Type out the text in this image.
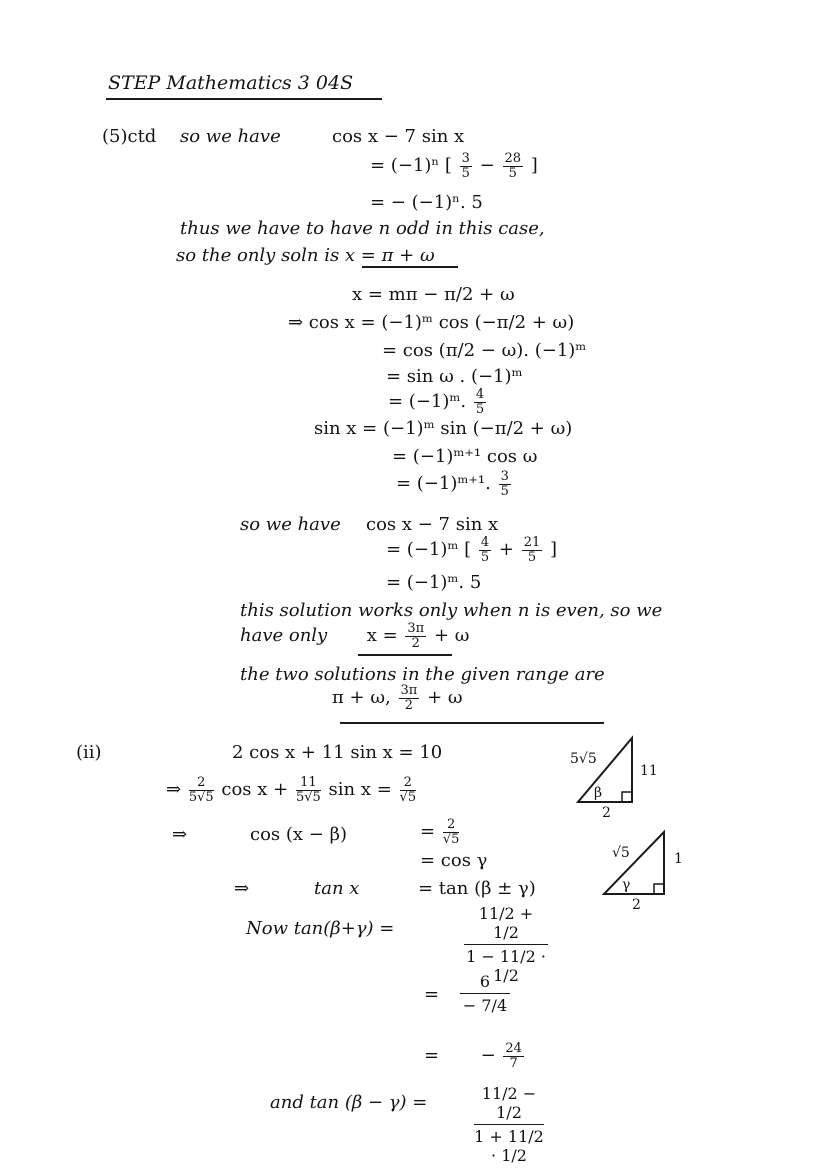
STEP Mathematics 3 04S
(5)ctd so we have	cos x − 7 sin x
= (−1)ⁿ [ $\frac{3}{5} - \frac{28}{5}$ ]
= − (−1)ⁿ. 5
thus we have to have n odd in this case,
so the only soln is x = π + ω
x = mπ − π/2 + ω
⇒ cos x = (−1)ᵐ cos (−π/2 + ω)
= cos (π/2 − ω). (−1)ᵐ
= sin ω . (−1)ᵐ
= (−1)ᵐ. $\frac{4}{5}$
sin x = (−1)ᵐ sin (−π/2 + ω)
= (−1)ᵐ⁺¹ cos ω
= (−1)ᵐ⁺¹. $\frac{3}{5}$
so we have cos x − 7 sin x
= (−1)ᵐ [ $\frac{4}{5} + \frac{21}{5}$ ]
= (−1)ᵐ. 5
this solution works only when n is even, so we
have only $x = \frac{3\pi}{2} + \omega$
the two solutions in the given range are
π + ω, $\frac{3\pi}{2} + \omega$
(ii)	2 cos x + 11 sin x = 10
⇒ $\frac{2}{5√5}$ $\cos x + \frac{11}{5√5}$ $\sin x = \frac{2}{√5}$
⇒	cos (x − β)	= $\frac{2}{√5}$
= cos γ
⇒	tan x	= tan (β ± γ)
Now tan(β+γ) =	$\frac{11/2 + 1/2}{1 - 11/2 \cdot 1/2}$
= $\frac{6}{- 7/4}$
= − $\frac{24}{7}$
and tan (β − γ) =	$\frac{11/2 - 1/2}{1 + 11/2 \cdot 1/2}$
5√5
11
2
β
√5	1
2
γ
